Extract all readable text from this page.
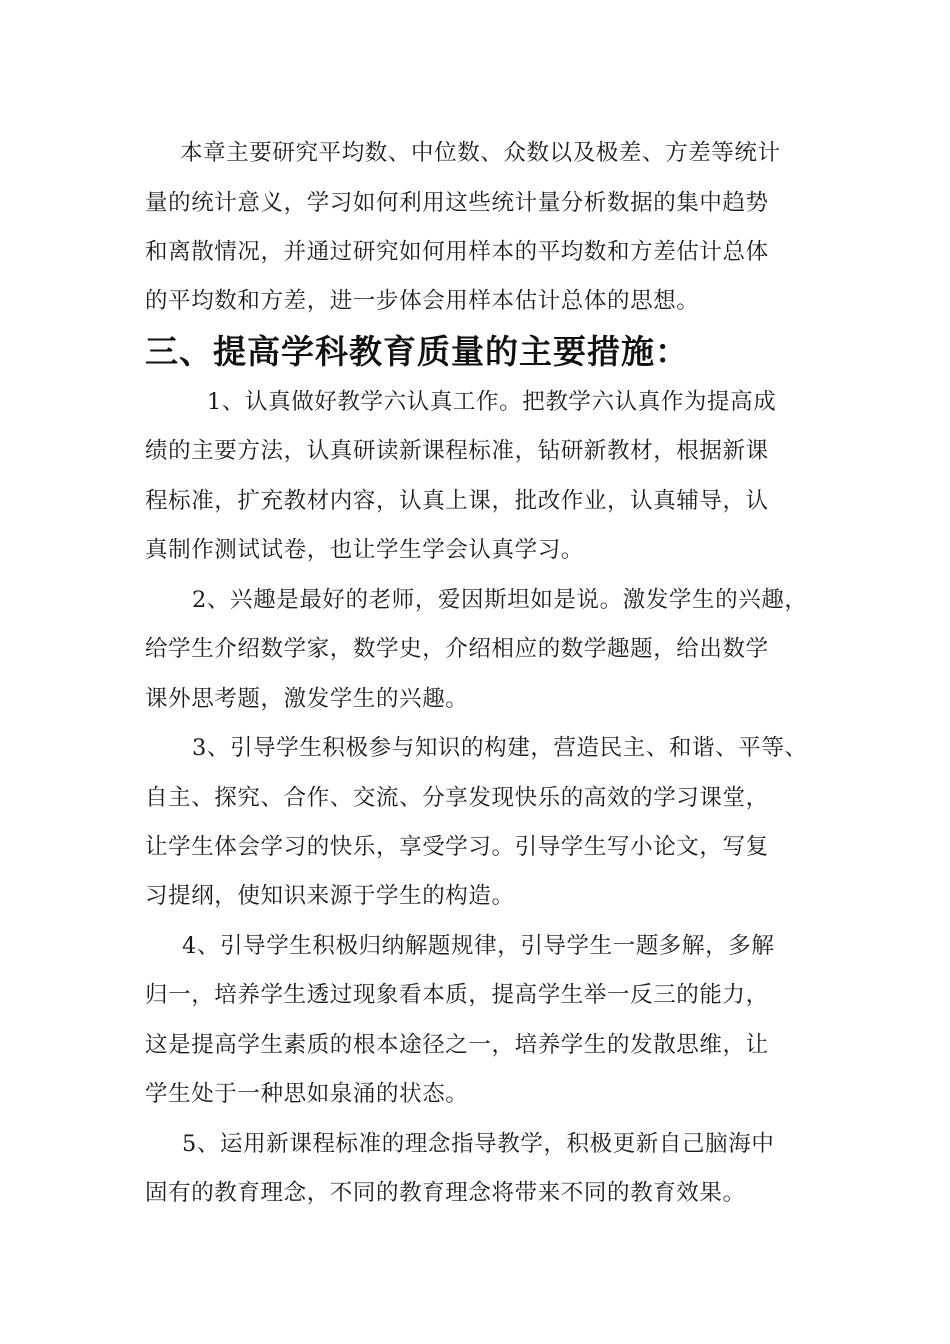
本章主要研究平均数、中位数、众数以及极差、方差等统计
量的统计意义，学习如何利用这些统计量分析数据的集中趋势
和离散情况，并通过研究如何用样本的平均数和方差估计总体
的平均数和方差，进一步体会用样本估计总体的思想。
三、提高学科教育质量的主要措施：
1、认真做好教学六认真工作。把教学六认真作为提高成
绩的主要方法，认真研读新课程标准，钻研新教材，根据新课
程标准，扩充教材内容，认真上课，批改作业，认真辅导，认
真制作测试试卷，也让学生学会认真学习。
2、兴趣是最好的老师，爱因斯坦如是说。激发学生的兴趣，
给学生介绍数学家，数学史，介绍相应的数学趣题，给出数学
课外思考题，激发学生的兴趣。
3、引导学生积极参与知识的构建，营造民主、和谐、平等、
自主、探究、合作、交流、分享发现快乐的高效的学习课堂，
让学生体会学习的快乐，享受学习。引导学生写小论文，写复
习提纲，使知识来源于学生的构造。
4、引导学生积极归纳解题规律，引导学生一题多解，多解
归一，培养学生透过现象看本质，提高学生举一反三的能力，
这是提高学生素质的根本途径之一，培养学生的发散思维，让
学生处于一种思如泉涌的状态。
5、运用新课程标准的理念指导教学，积极更新自己脑海中
固有的教育理念，不同的教育理念将带来不同的教育效果。
